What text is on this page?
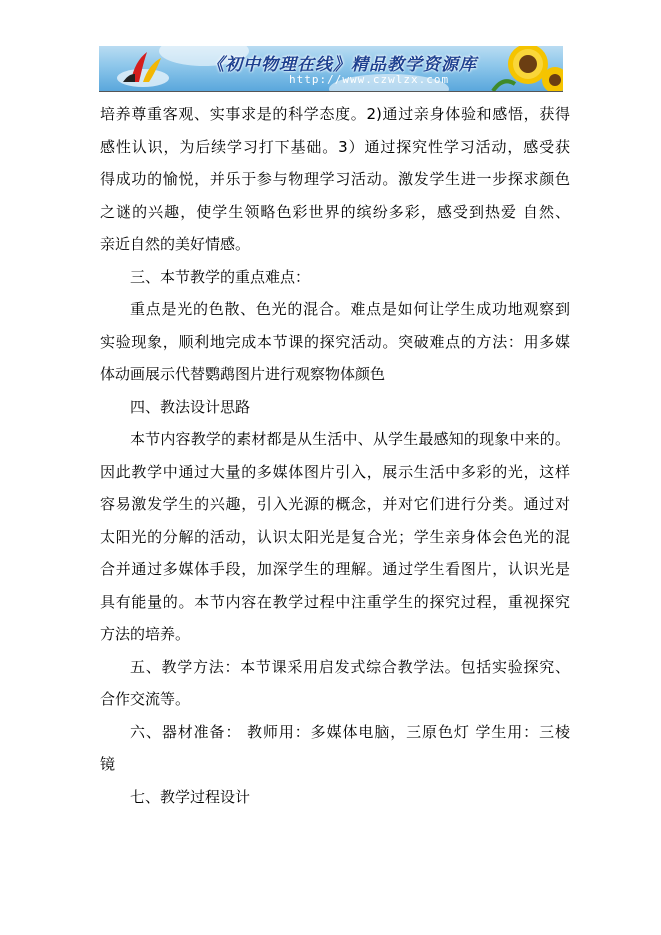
《初中物理在线》精品教学资源库
http://www.czwlzx.com

培养尊重客观、实事求是的科学态度。2)通过亲身体验和感悟，获得
感性认识，为后续学习打下基础。3）通过探究性学习活动，感受获
得成功的愉悦，并乐于参与物理学习活动。激发学生进一步探求颜色
之谜的兴趣，使学生领略色彩世界的缤纷多彩，感受到热爱 自然、
亲近自然的美好情感。

三、本节教学的重点难点：

重点是光的色散、色光的混合。难点是如何让学生成功地观察到
实验现象，顺利地完成本节课的探究活动。突破难点的方法：用多媒
体动画展示代替鹦鹉图片进行观察物体颜色

四、教法设计思路

本节内容教学的素材都是从生活中、从学生最感知的现象中来的。
因此教学中通过大量的多媒体图片引入，展示生活中多彩的光，这样
容易激发学生的兴趣，引入光源的概念，并对它们进行分类。通过对
太阳光的分解的活动，认识太阳光是复合光；学生亲身体会色光的混
合并通过多媒体手段，加深学生的理解。通过学生看图片，认识光是
具有能量的。本节内容在教学过程中注重学生的探究过程，重视探究
方法的培养。

五、教学方法：本节课采用启发式综合教学法。包括实验探究、
合作交流等。

六、器材准备： 教师用：多媒体电脑，三原色灯 学生用：三棱
镜

七、教学过程设计
